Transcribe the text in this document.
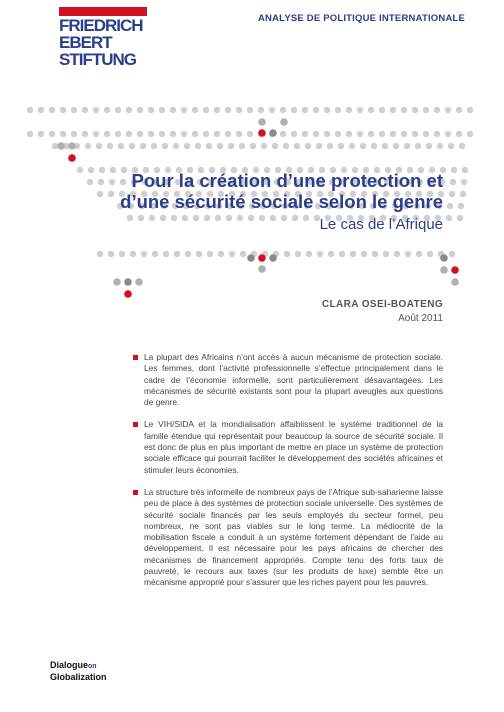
FRIEDRICH
EBERT
STIFTUNG
ANALYSE DE POLITIQUE INTERNATIONALE
Pour la création d’une protection et
d’une sécurité sociale selon le genre
Le cas de l’Afrique
CLARA OSEI-BOATENG
Août 2011
La plupart des Africains n’ont accès à aucun mécanisme de protection sociale. Les femmes, dont l’activité professionnelle s’effectue principalement dans le cadre de l’économie informelle, sont particulièrement désavantagées. Les mécanismes de sécurité existants sont pour la plupart aveugles aux questions de genre.
Le VIH/SIDA et la mondialisation affaiblissent le système traditionnel de la famille étendue qui représentait pour beaucoup la source de sécurité sociale. Il est donc de plus en plus important de mettre en place un système de protection sociale efficace qui pourrait faciliter le développement des sociétés africaines et stimuler leurs économies.
La structure très informelle de nombreux pays de l’Afrique sub-saharienne laisse peu de place à des systèmes de protection sociale universelle. Des systèmes de sécurité sociale financés par les seuls employés du secteur formel, peu nombreux, ne sont pas viables sur le long terme. La médiocrité de la mobilisation fiscale a conduit à un système fortement dépendant de l’aide au développement. Il est nécessaire pour les pays africains de chercher des mécanismes de financement appropriés. Compte tenu des forts taux de pauvreté, le recours aux taxes (sur les produits de luxe) semble être un mécanisme approprié pour s’assurer que les riches payent pour les pauvres.
Dialogueon
Globalization
